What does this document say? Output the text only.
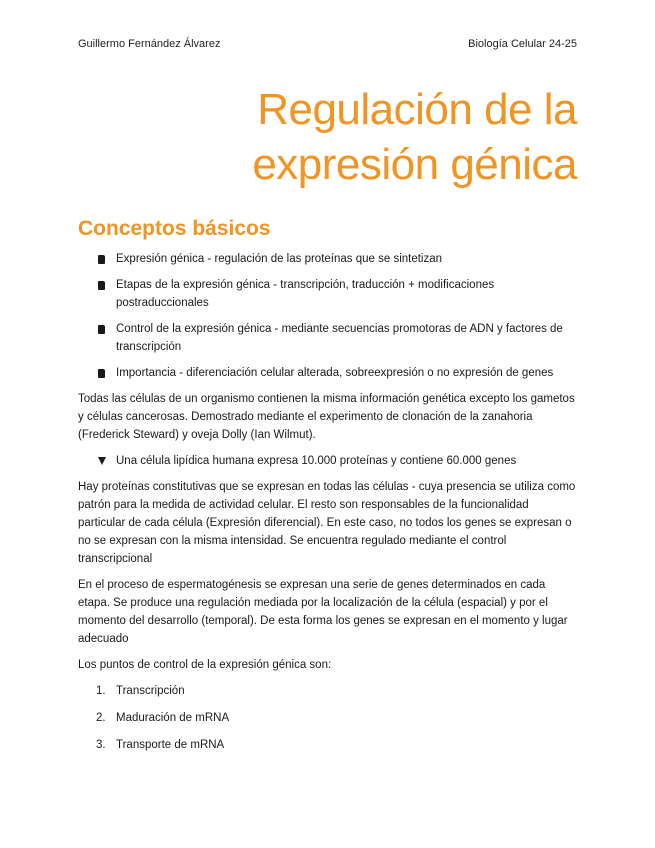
Guillermo Fernández Álvarez	Biología Celular 24-25
Regulación de la expresión génica
Conceptos básicos
Expresión génica - regulación de las proteínas que se sintetizan
Etapas de la expresión génica - transcripción, traducción + modificaciones postraduccionales
Control de la expresión génica - mediante secuencias promotoras de ADN y factores de transcripción
Importancia - diferenciación celular alterada, sobreexpresión o no expresión de genes

Todas las células de un organismo contienen la misma información genética excepto los gametos y células cancerosas. Demostrado mediante el experimento de clonación de la zanahoria (Frederick Steward) y oveja Dolly (Ian Wilmut).

Una célula lipídica humana expresa 10.000 proteínas y contiene 60.000 genes

Hay proteínas constitutivas que se expresan en todas las células - cuya presencia se utiliza como patrón para la medida de actividad celular. El resto son responsables de la funcionalidad particular de cada célula (Expresión diferencial). En este caso, no todos los genes se expresan o no se expresan con la misma intensidad. Se encuentra regulado mediante el control transcripcional

En el proceso de espermatogénesis se expresan una serie de genes determinados en cada etapa. Se produce una regulación mediada por la localización de la célula (espacial) y por el momento del desarrollo (temporal). De esta forma los genes se expresan en el momento y lugar adecuado

Los puntos de control de la expresión génica son:

1. Transcripción
2. Maduración de mRNA
3. Transporte de mRNA
